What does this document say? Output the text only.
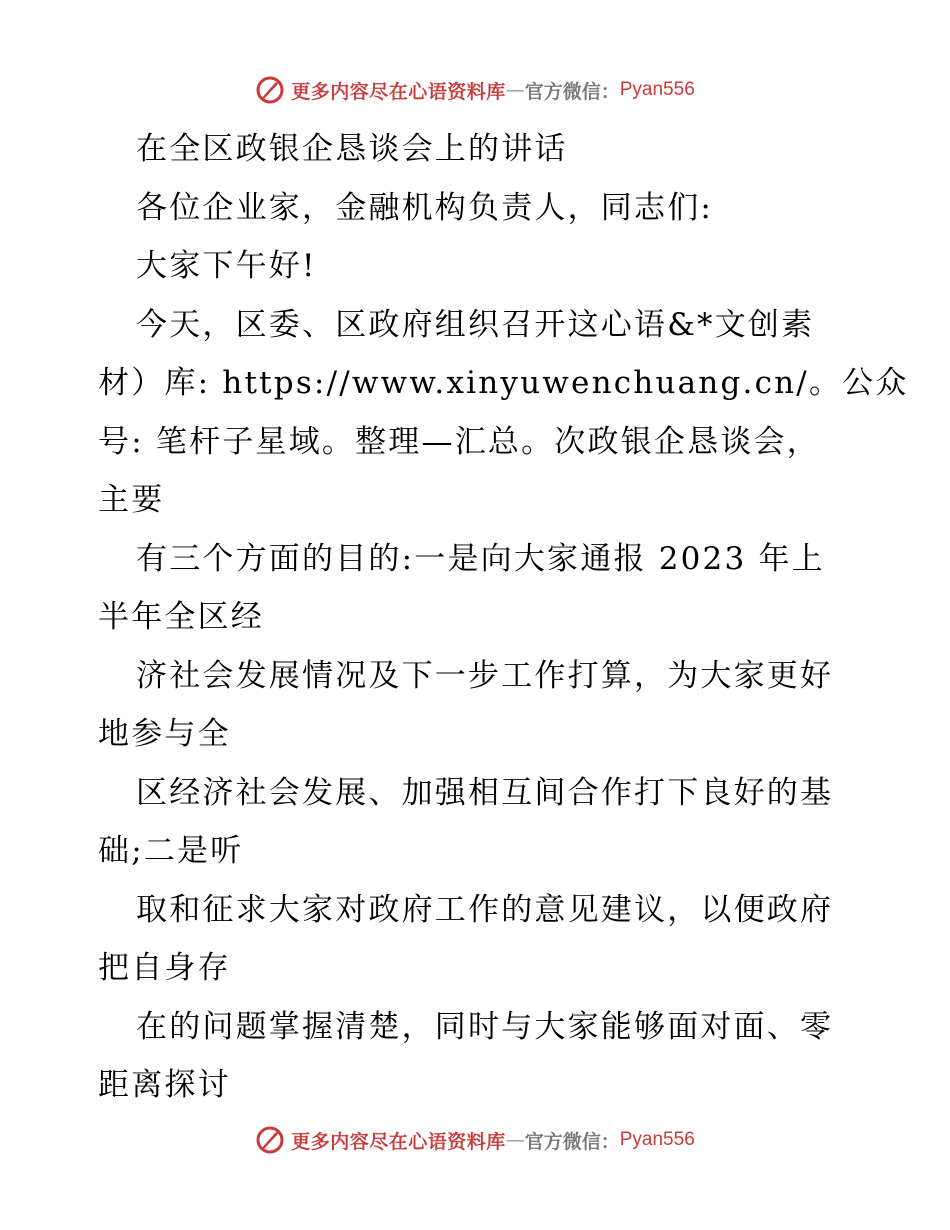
更多内容尽在心语资料库 — 官方微信： Pyan556
在全区政银企恳谈会上的讲话
各位企业家，金融机构负责人，同志们:
大家下午好!
今天，区委、区政府组织召开这心语&*文创素
材）库: https://www.xinyuwenchuang.cn/。公众
号: 笔杆子星域。整理—汇总。次政银企恳谈会，
主要
有三个方面的目的:一是向大家通报 2023 年上
半年全区经
济社会发展情况及下一步工作打算，为大家更好
地参与全
区经济社会发展、加强相互间合作打下良好的基
础;二是听
取和征求大家对政府工作的意见建议，以便政府
把自身存
在的问题掌握清楚，同时与大家能够面对面、零
距离探讨
更多内容尽在心语资料库 — 官方微信： Pyan556
